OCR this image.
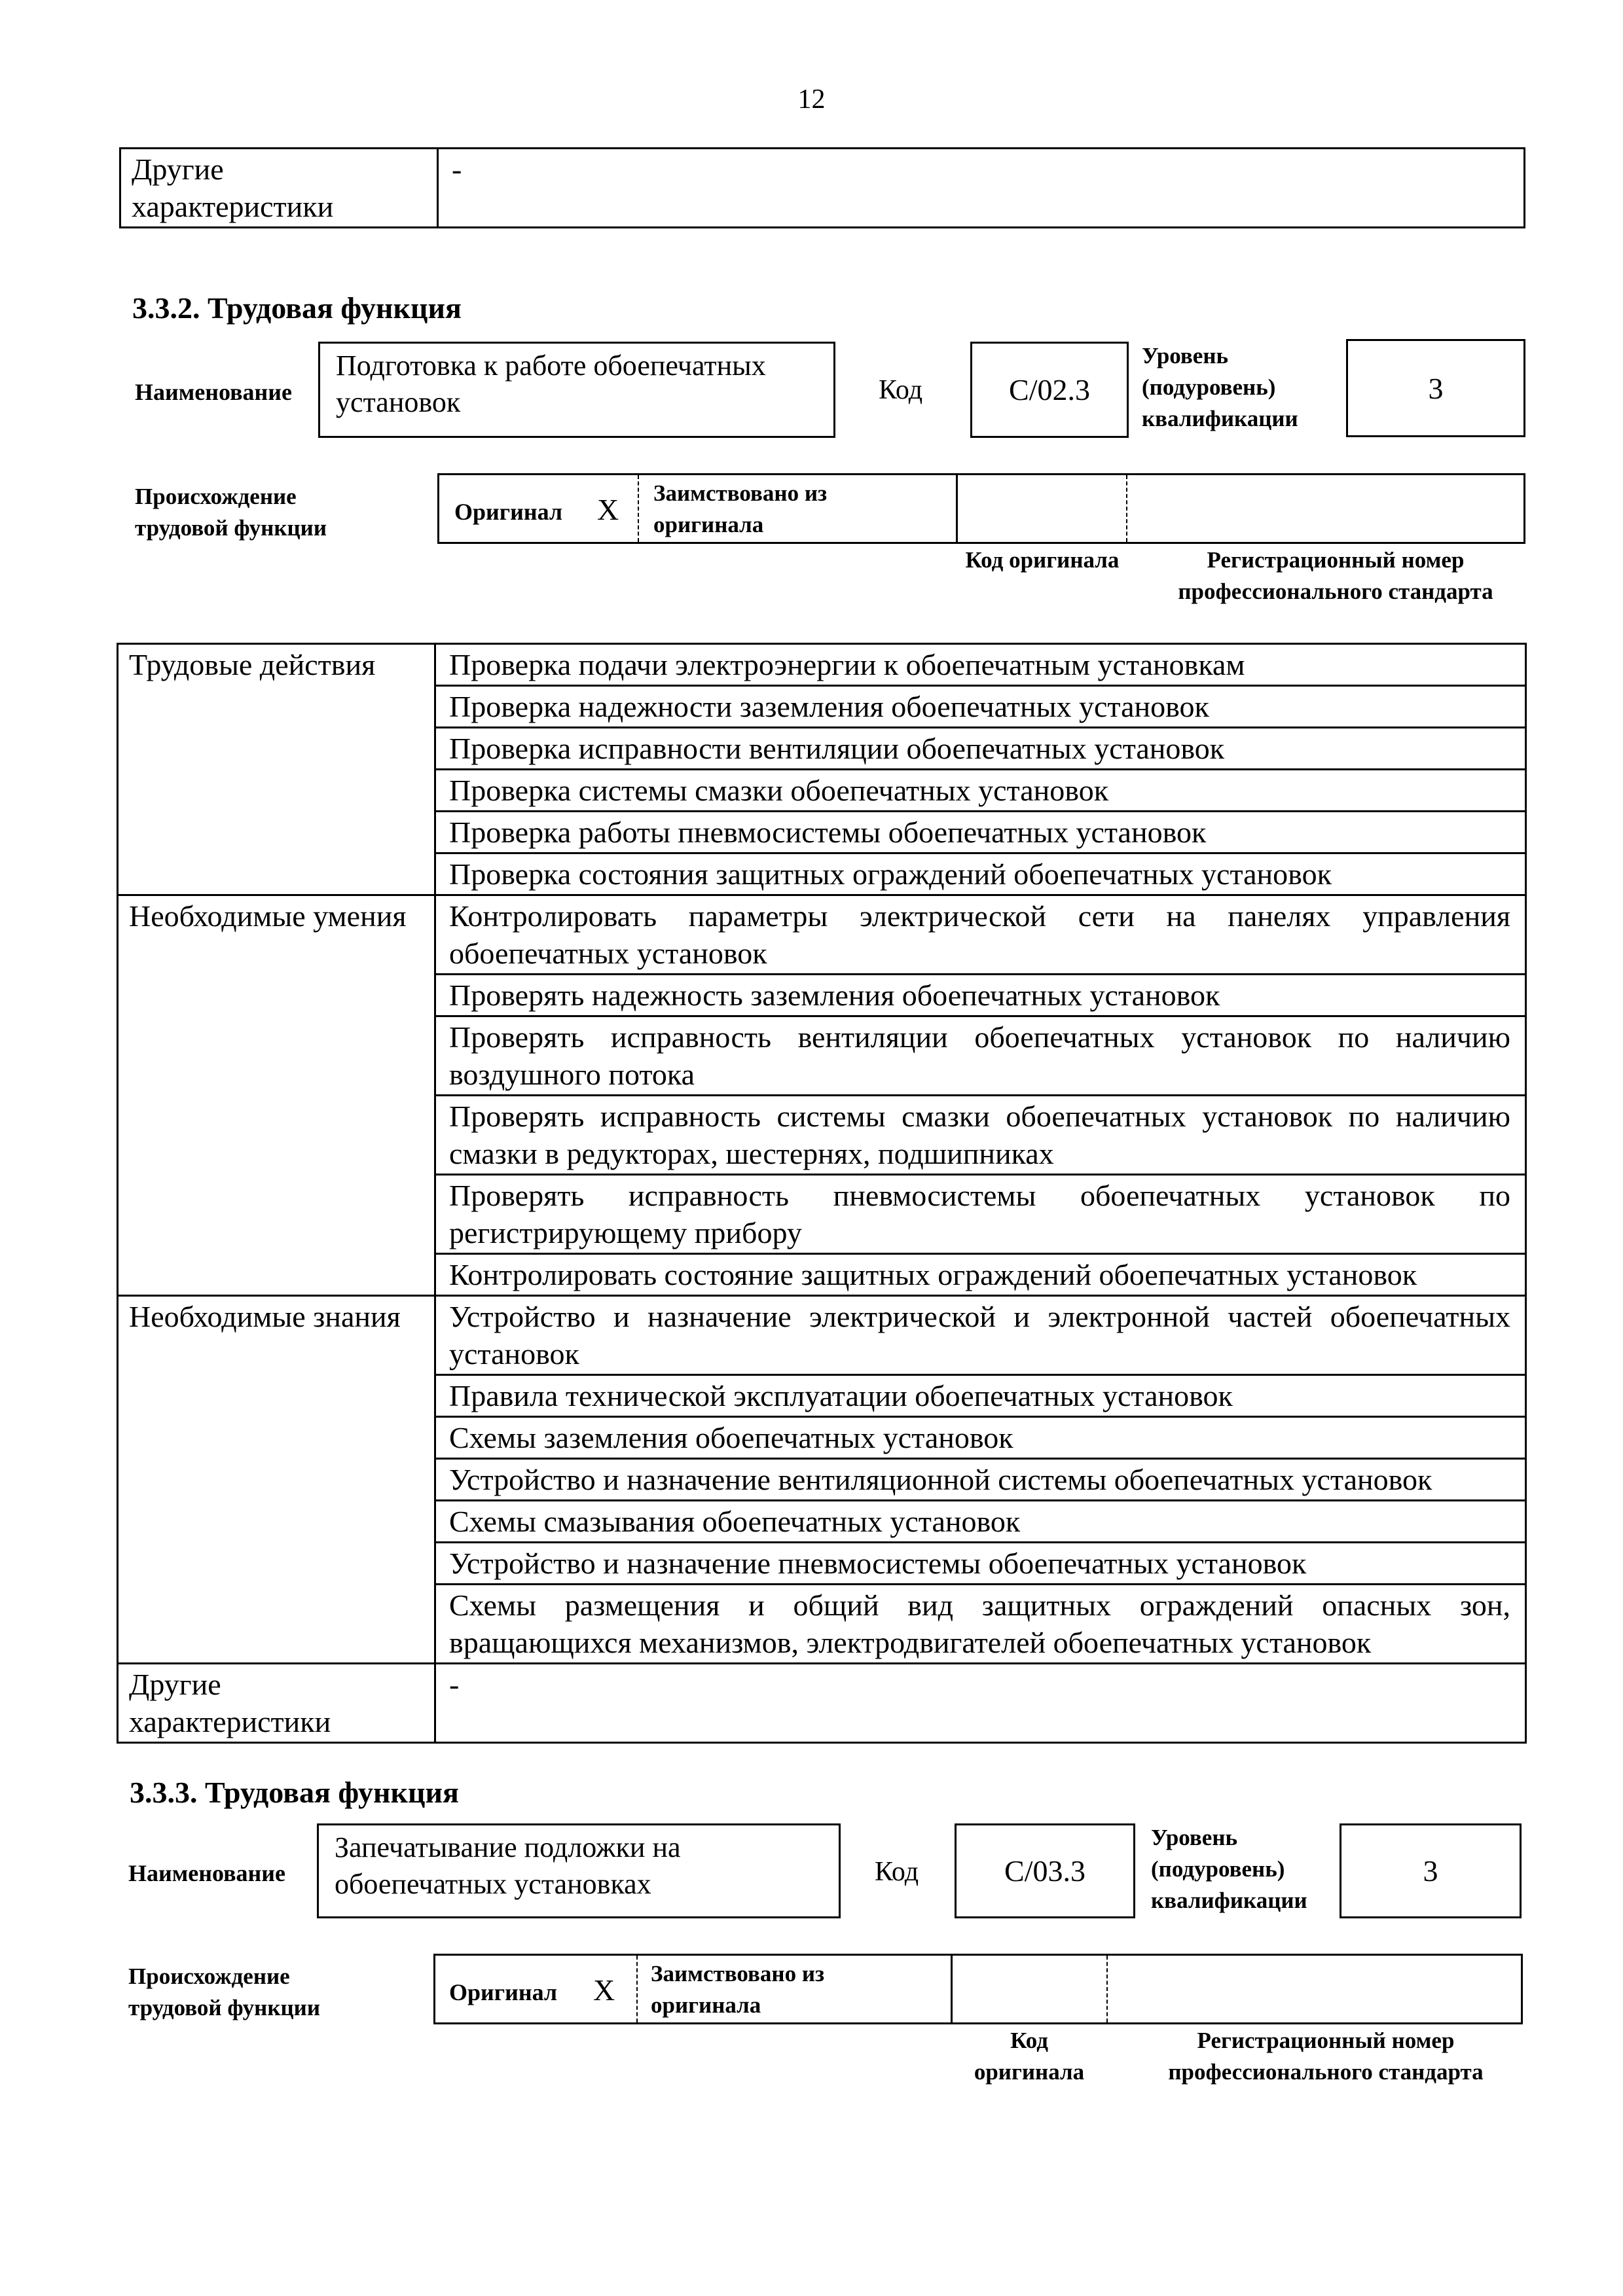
12
Другие характеристики	-
3.3.2. Трудовая функция
Наименование
Подготовка к работе обоепечатных установок	Код	С/02.3
Уровень (подуровень) квалификации
3
Происхождение трудовой функции
Оригинал X Заимствовано из оригинала
Код оригинала	Регистрационный номер профессионального стандарта
Трудовые действия	Проверка подачи электроэнергии к обоепечатным установкам
	Проверка надежности заземления обоепечатных установок
	Проверка исправности вентиляции обоепечатных установок
	Проверка системы смазки обоепечатных установок
	Проверка работы пневмосистемы обоепечатных установок
	Проверка состояния защитных ограждений обоепечатных установок
Необходимые умения	Контролировать параметры электрической сети на панелях управления обоепечатных установок
	Проверять надежность заземления обоепечатных установок
	Проверять исправность вентиляции обоепечатных установок по наличию воздушного потока
	Проверять исправность системы смазки обоепечатных установок по наличию смазки в редукторах, шестернях, подшипниках
	Проверять исправность пневмосистемы обоепечатных установок по регистрирующему прибору
	Контролировать состояние защитных ограждений обоепечатных установок
Необходимые знания	Устройство и назначение электрической и электронной частей обоепечатных установок
	Правила технической эксплуатации обоепечатных установок
	Схемы заземления обоепечатных установок
	Устройство и назначение вентиляционной системы обоепечатных установок
	Схемы смазывания обоепечатных установок
	Устройство и назначение пневмосистемы обоепечатных установок
	Схемы размещения и общий вид защитных ограждений опасных зон, вращающихся механизмов, электродвигателей обоепечатных установок
Другие характеристики	-
3.3.3. Трудовая функция
Наименование
Запечатывание подложки на обоепечатных установках	Код	С/03.3
Уровень (подуровень) квалификации
3
Происхождение трудовой функции
Оригинал X Заимствовано из оригинала
Код оригинала
Регистрационный номер профессионального стандарта
